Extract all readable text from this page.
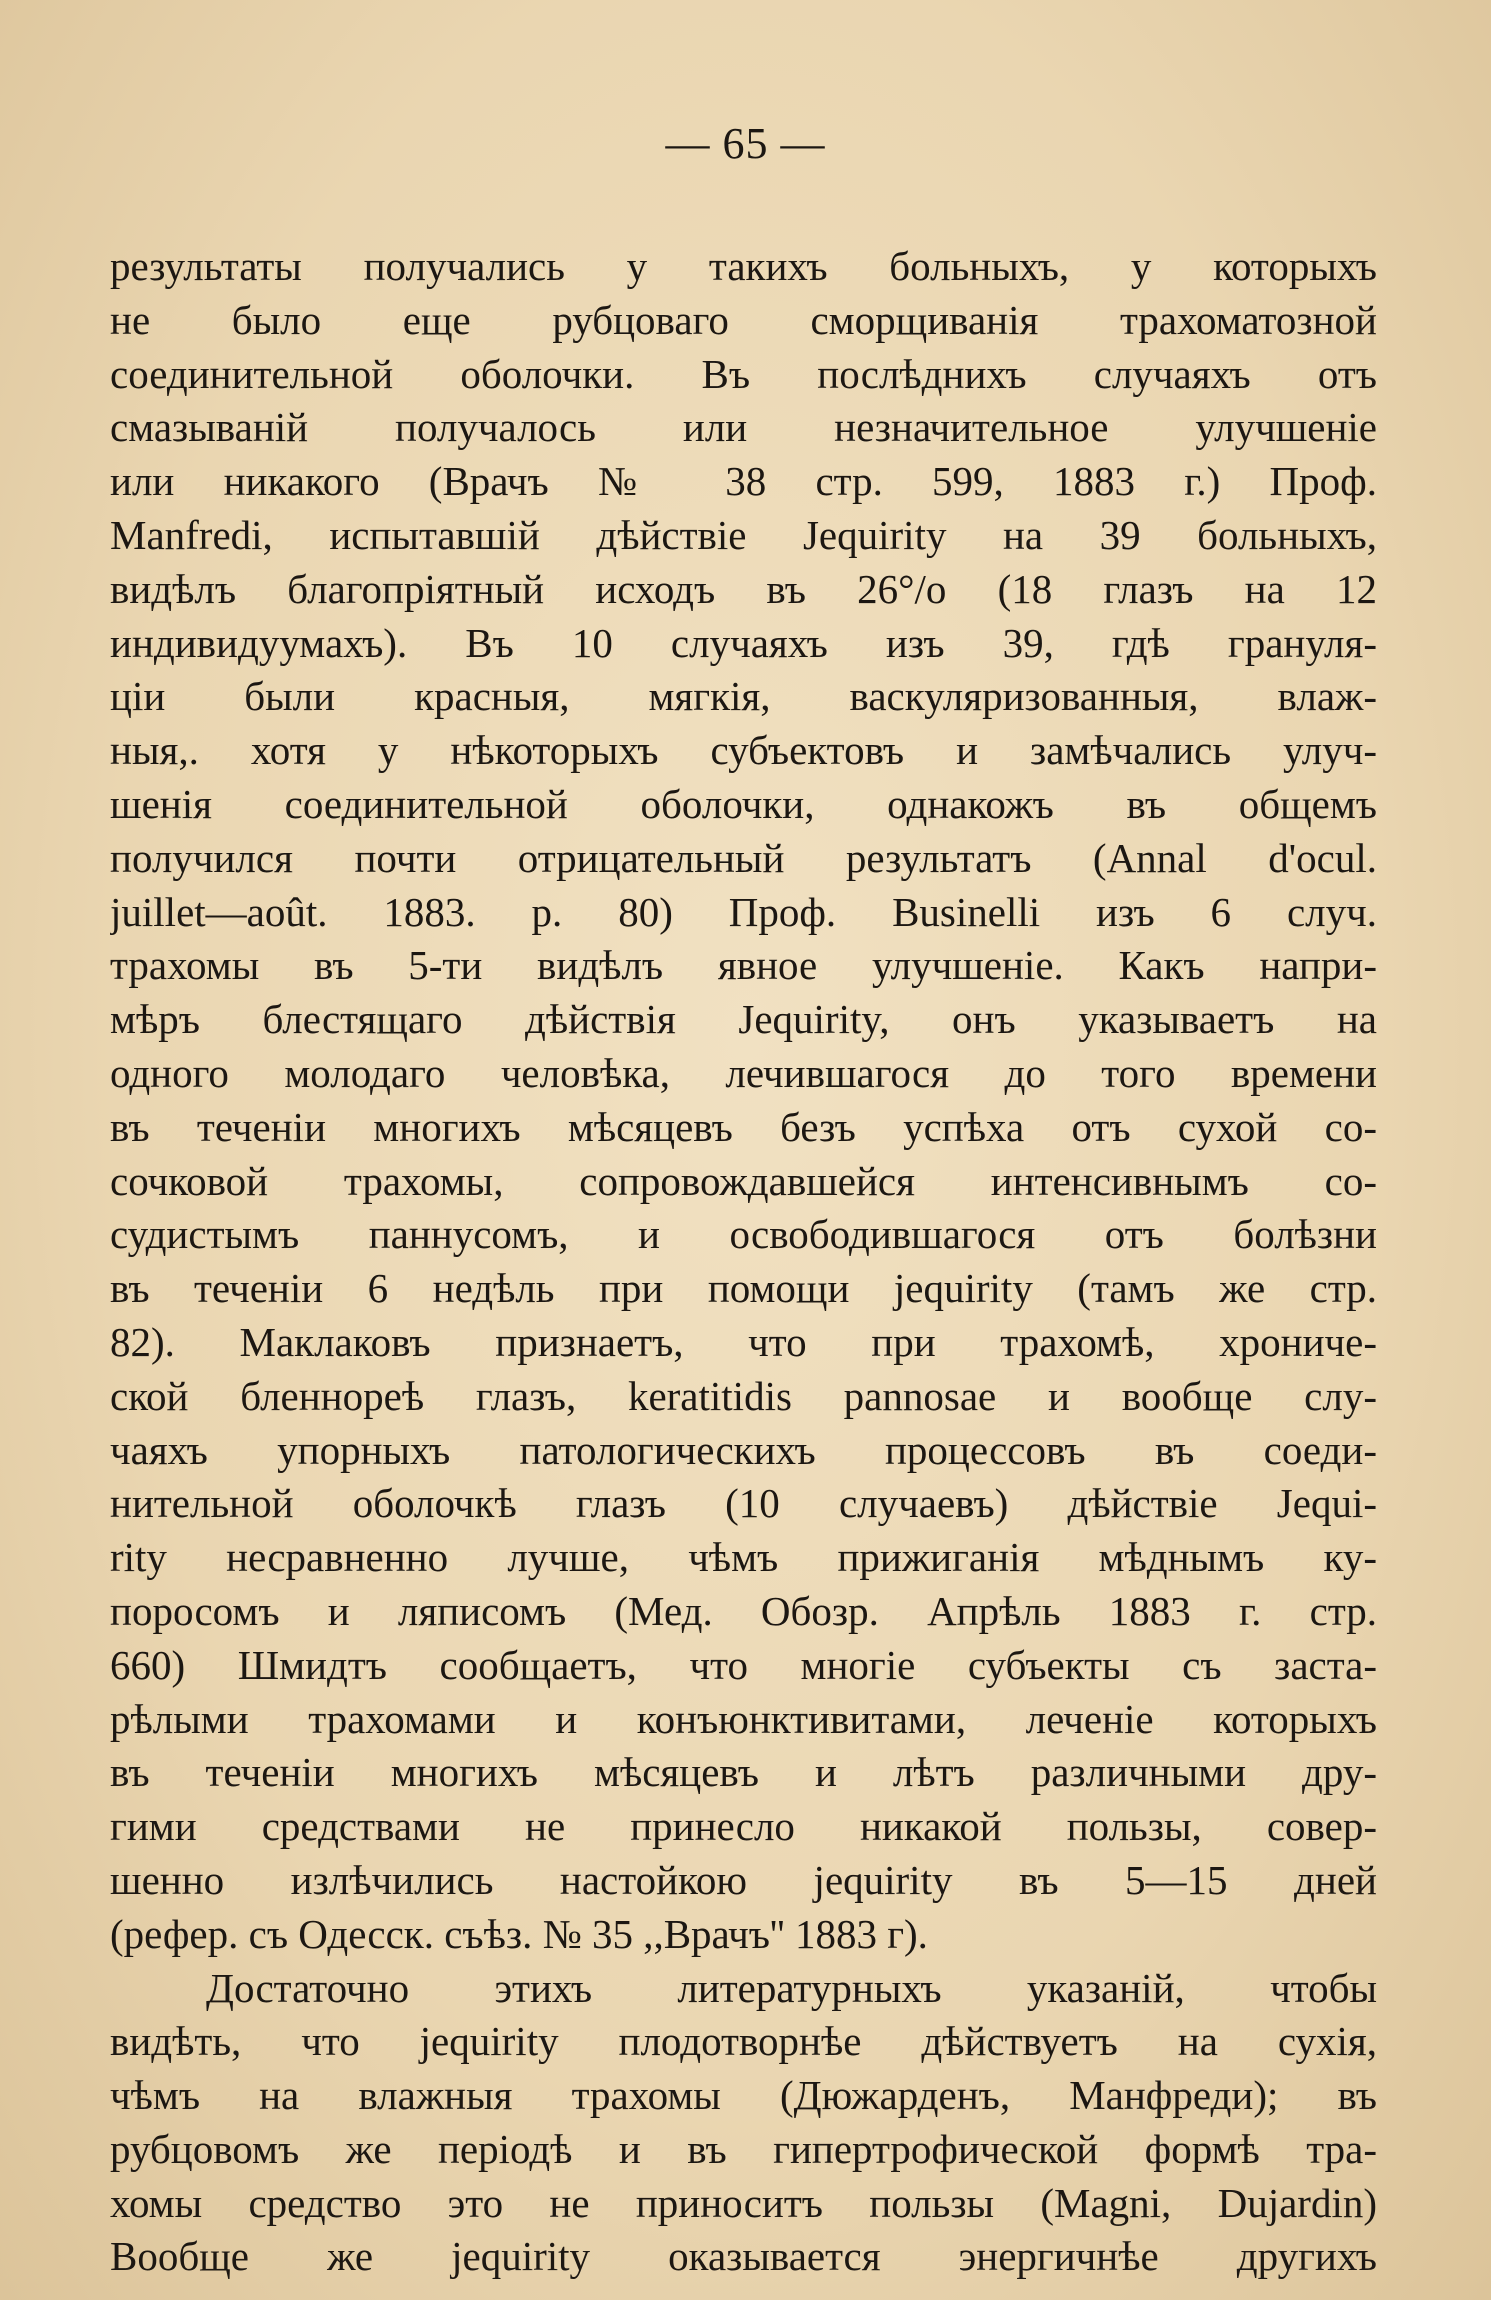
— 65 —
результаты получались у такихъ больныхъ, у которыхъ
не было еще рубцоваго сморщиванія трахоматозной
соединительной оболочки. Въ послѣднихъ случаяхъ отъ
смазываній получалось или незначительное улучшеніе
или никакого (Врачъ № 38 стр. 599, 1883 г.) Проф.
Manfredi, испытавшій дѣйствіе Jequirity на 39 больныхъ,
видѣлъ благопріятный исходъ въ 26°/о (18 глазъ на 12
индивидуумахъ). Въ 10 случаяхъ изъ 39, гдѣ грануля-
ціи были красныя, мягкія, васкуляризованныя, влаж-
ныя,. хотя у нѣкоторыхъ субъектовъ и замѣчались улуч-
шенія соединительной оболочки, однакожъ въ общемъ
получился почти отрицательный результатъ (Annal d'ocul.
juillet—août. 1883. p. 80) Проф. Businelli изъ 6 случ.
трахомы въ 5-ти видѣлъ явное улучшеніе. Какъ напри-
мѣръ блестящаго дѣйствія Jequirity, онъ указываетъ на
одного молодаго человѣка, лечившагося до того времени
въ теченіи многихъ мѣсяцевъ безъ успѣха отъ сухой со-
сочковой трахомы, сопровождавшейся интенсивнымъ со-
судистымъ паннусомъ, и освободившагося отъ болѣзни
въ теченіи 6 недѣль при помощи jequirity (тамъ же стр.
82). Маклаковъ признаетъ, что при трахомѣ, хрониче-
ской бленнореѣ глазъ, keratitidis pannosae и вообще слу-
чаяхъ упорныхъ патологическихъ процессовъ въ соеди-
нительной оболочкѣ глазъ (10 случаевъ) дѣйствіе Jequi-
rity несравненно лучше, чѣмъ прижиганія мѣднымъ ку-
поросомъ и ляписомъ (Мед. Обозр. Апрѣль 1883 г. стр.
660) Шмидтъ сообщаетъ, что многіе субъекты съ заста-
рѣлыми трахомами и конъюнктивитами, леченіе которыхъ
въ теченіи многихъ мѣсяцевъ и лѣтъ различными дру-
гими средствами не принесло никакой пользы, совер-
шенно излѣчились настойкою jequirity въ 5—15 дней
(рефер. съ Одесск. съѣз. № 35 ,,Врачъ'' 1883 г).
Достаточно этихъ литературныхъ указаній, чтобы
видѣть, что jequirity плодотворнѣе дѣйствуетъ на сухія,
чѣмъ на влажныя трахомы (Дюжарденъ, Манфреди); въ
рубцовомъ же періодѣ и въ гипертрофической формѣ тра-
хомы средство это не приноситъ пользы (Magni, Dujardin)
Вообще же jequirity оказывается энергичнѣе другихъ
